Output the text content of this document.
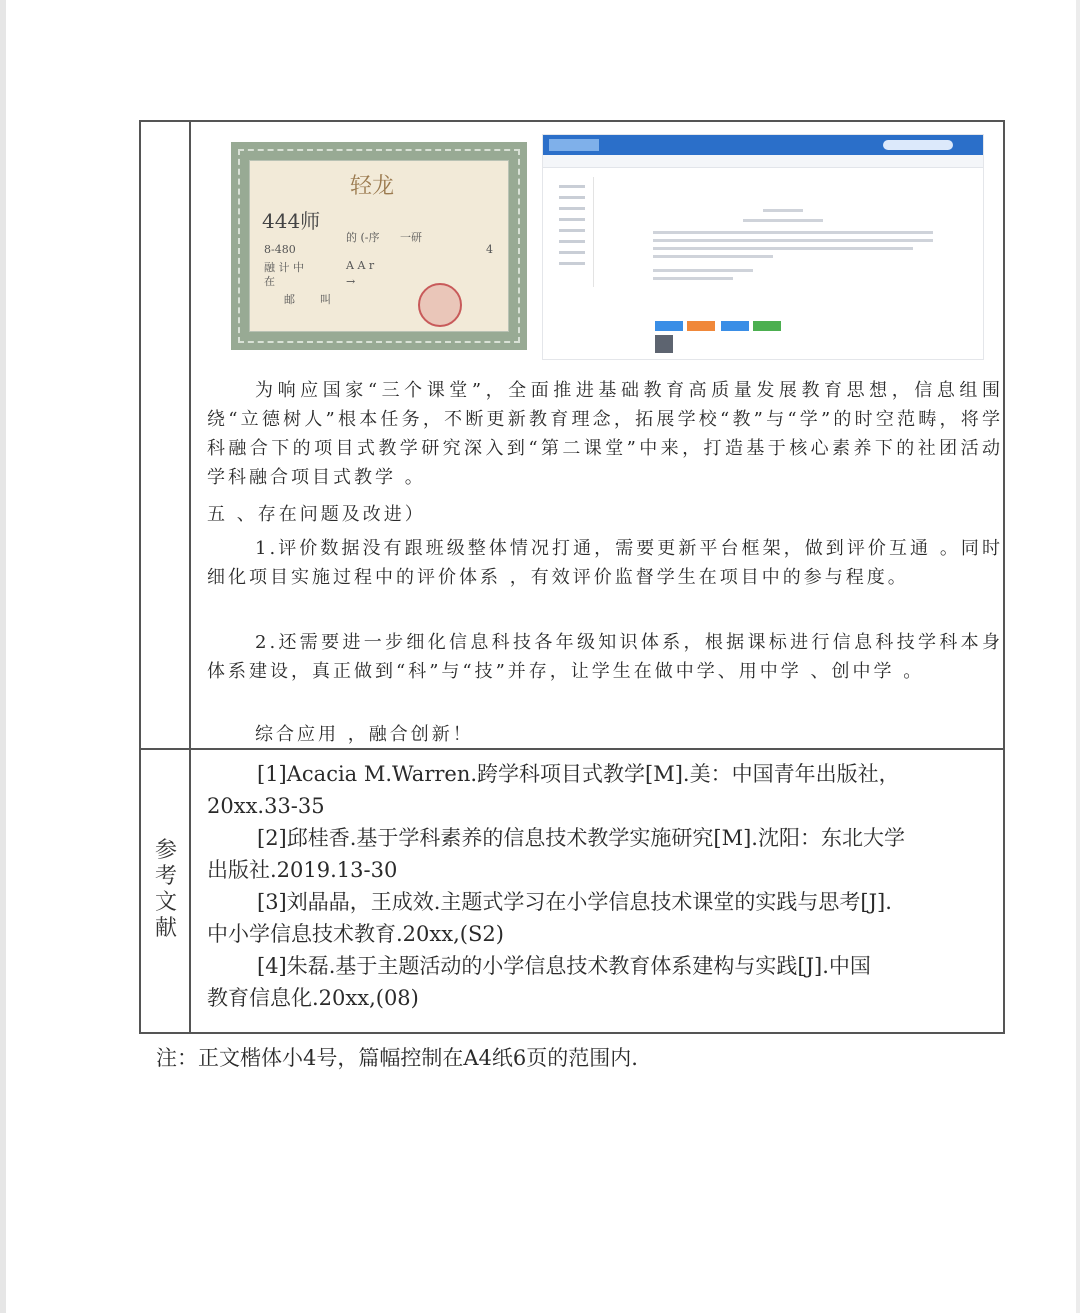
轻龙
444师
的 (-序 一研
8-480	4
融 计 中	A A r
在	→
邮 叫

为响应国家“三个课堂”，全面推进基础教育高质量发展教育思想，信息组围绕“立德树人”根本任务，不断更新教育理念，拓展学校“教”与“学”的时空范畴，将学科融合下的项目式教学研究深入到“第二课堂”中来，打造基于核心素养下的社团活动学科融合项目式教学 。

五 、存在问题及改进）

1.评价数据没有跟班级整体情况打通，需要更新平台框架，做到评价互通 。同时细化项目实施过程中的评价体系 ，有效评价监督学生在项目中的参与程度。

2.还需要进一步细化信息科技各年级知识体系，根据课标进行信息科技学科本身体系建设，真正做到“科”与“技”并存，让学生在做中学、用中学 、创中学 。

综合应用 ，融合创新！

参考文献

[1]Acacia M.Warren.跨学科项目式教学[M].美：中国青年出版社，

20xx.33-35

[2]邱桂香.基于学科素养的信息技术教学实施研究[M].沈阳：东北大学

出版社.2019.13-30

[3]刘晶晶，王成效.主题式学习在小学信息技术课堂的实践与思考[J].

中小学信息技术教育.20xx,(S2)

[4]朱磊.基于主题活动的小学信息技术教育体系建构与实践[J].中国

教育信息化.20xx,(08)

注：正文楷体小4号，篇幅控制在A4纸6页的范围内.
